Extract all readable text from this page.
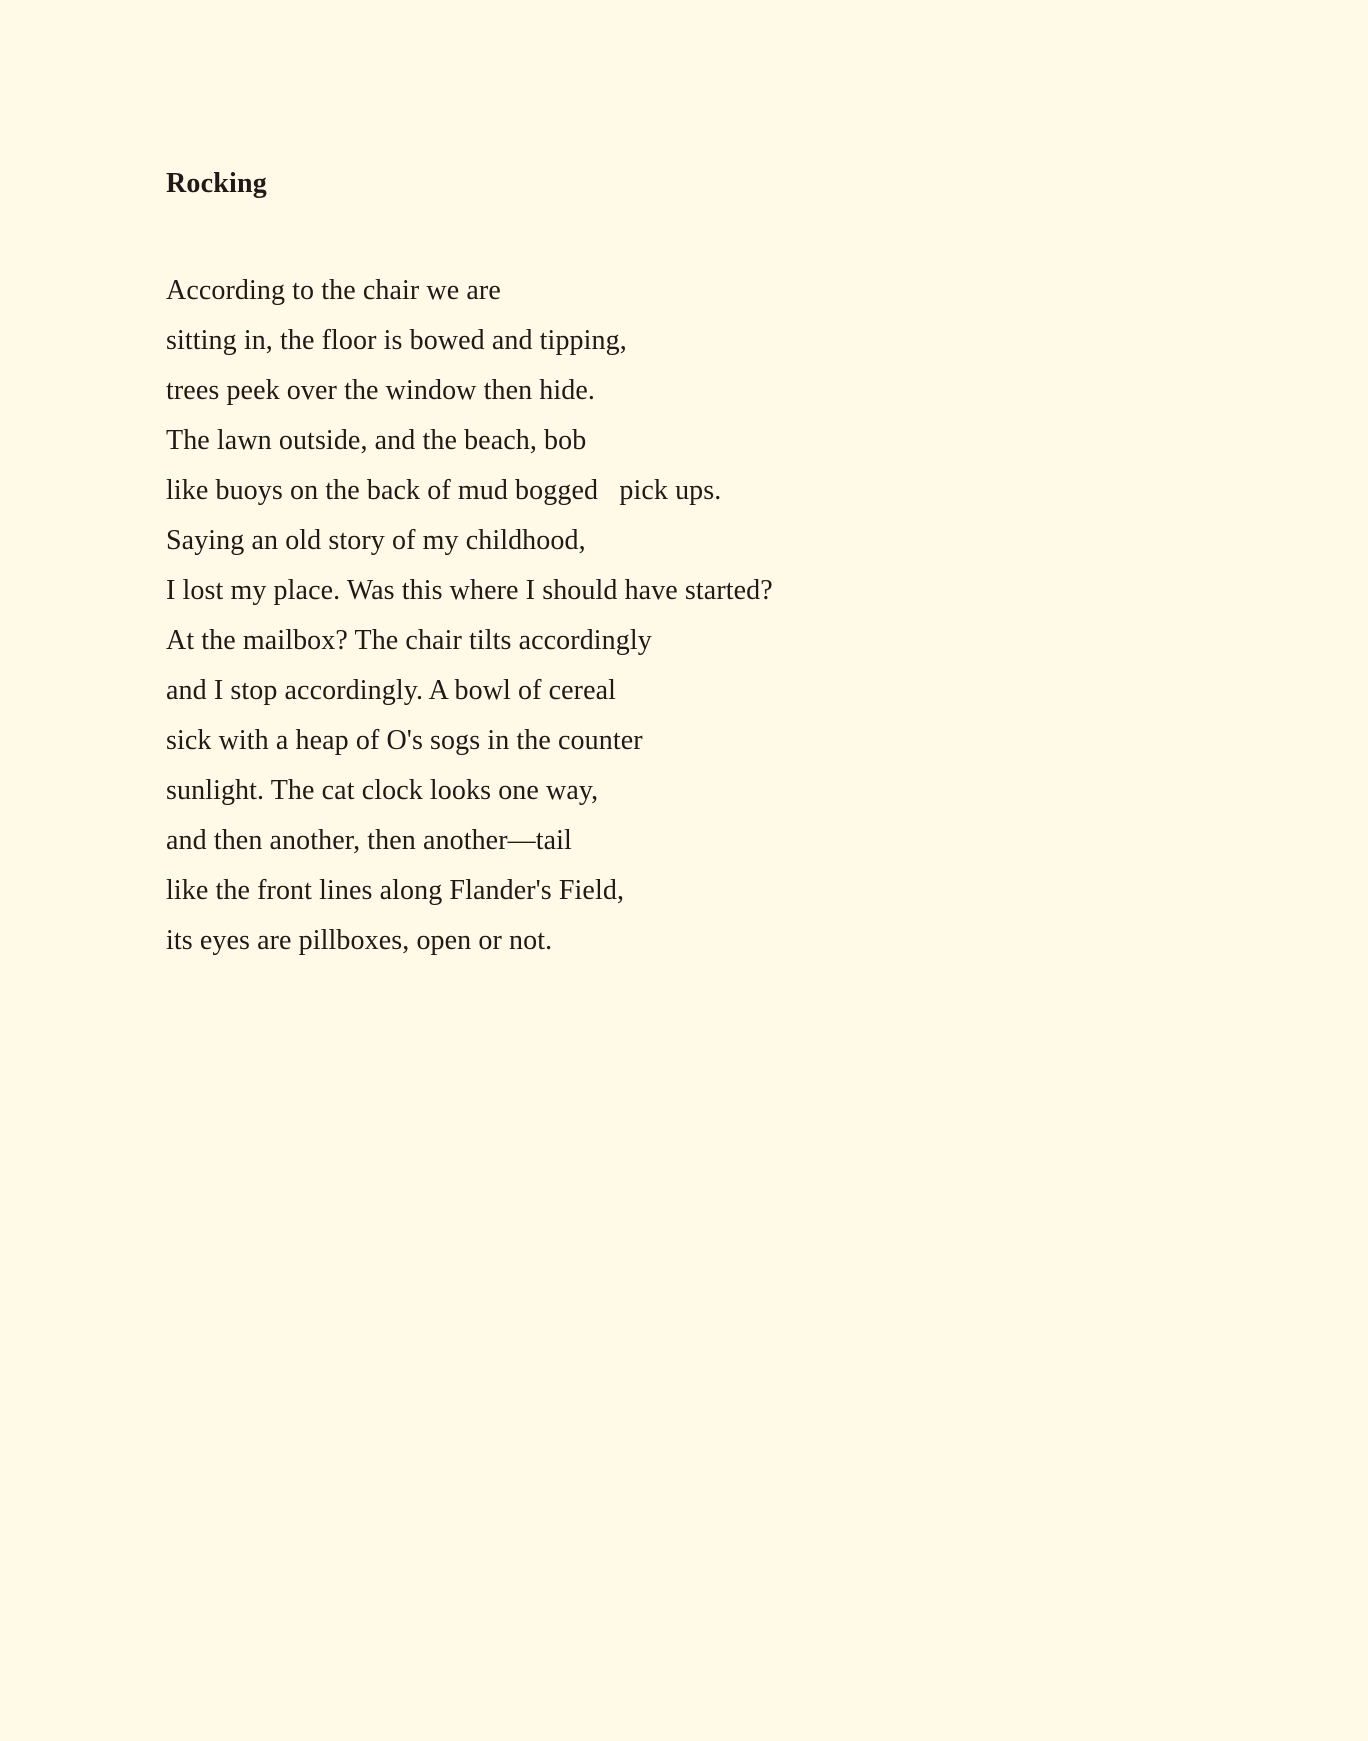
Rocking
According to the chair we are
sitting in, the floor is bowed and tipping,
trees peek over the window then hide.
The lawn outside, and the beach, bob
like buoys on the back of mud bogged   pick ups.
Saying an old story of my childhood,
I lost my place. Was this where I should have started?
At the mailbox? The chair tilts accordingly
and I stop accordingly. A bowl of cereal
sick with a heap of O's sogs in the counter
sunlight. The cat clock looks one way,
and then another, then another—tail
like the front lines along Flander's Field,
its eyes are pillboxes, open or not.
